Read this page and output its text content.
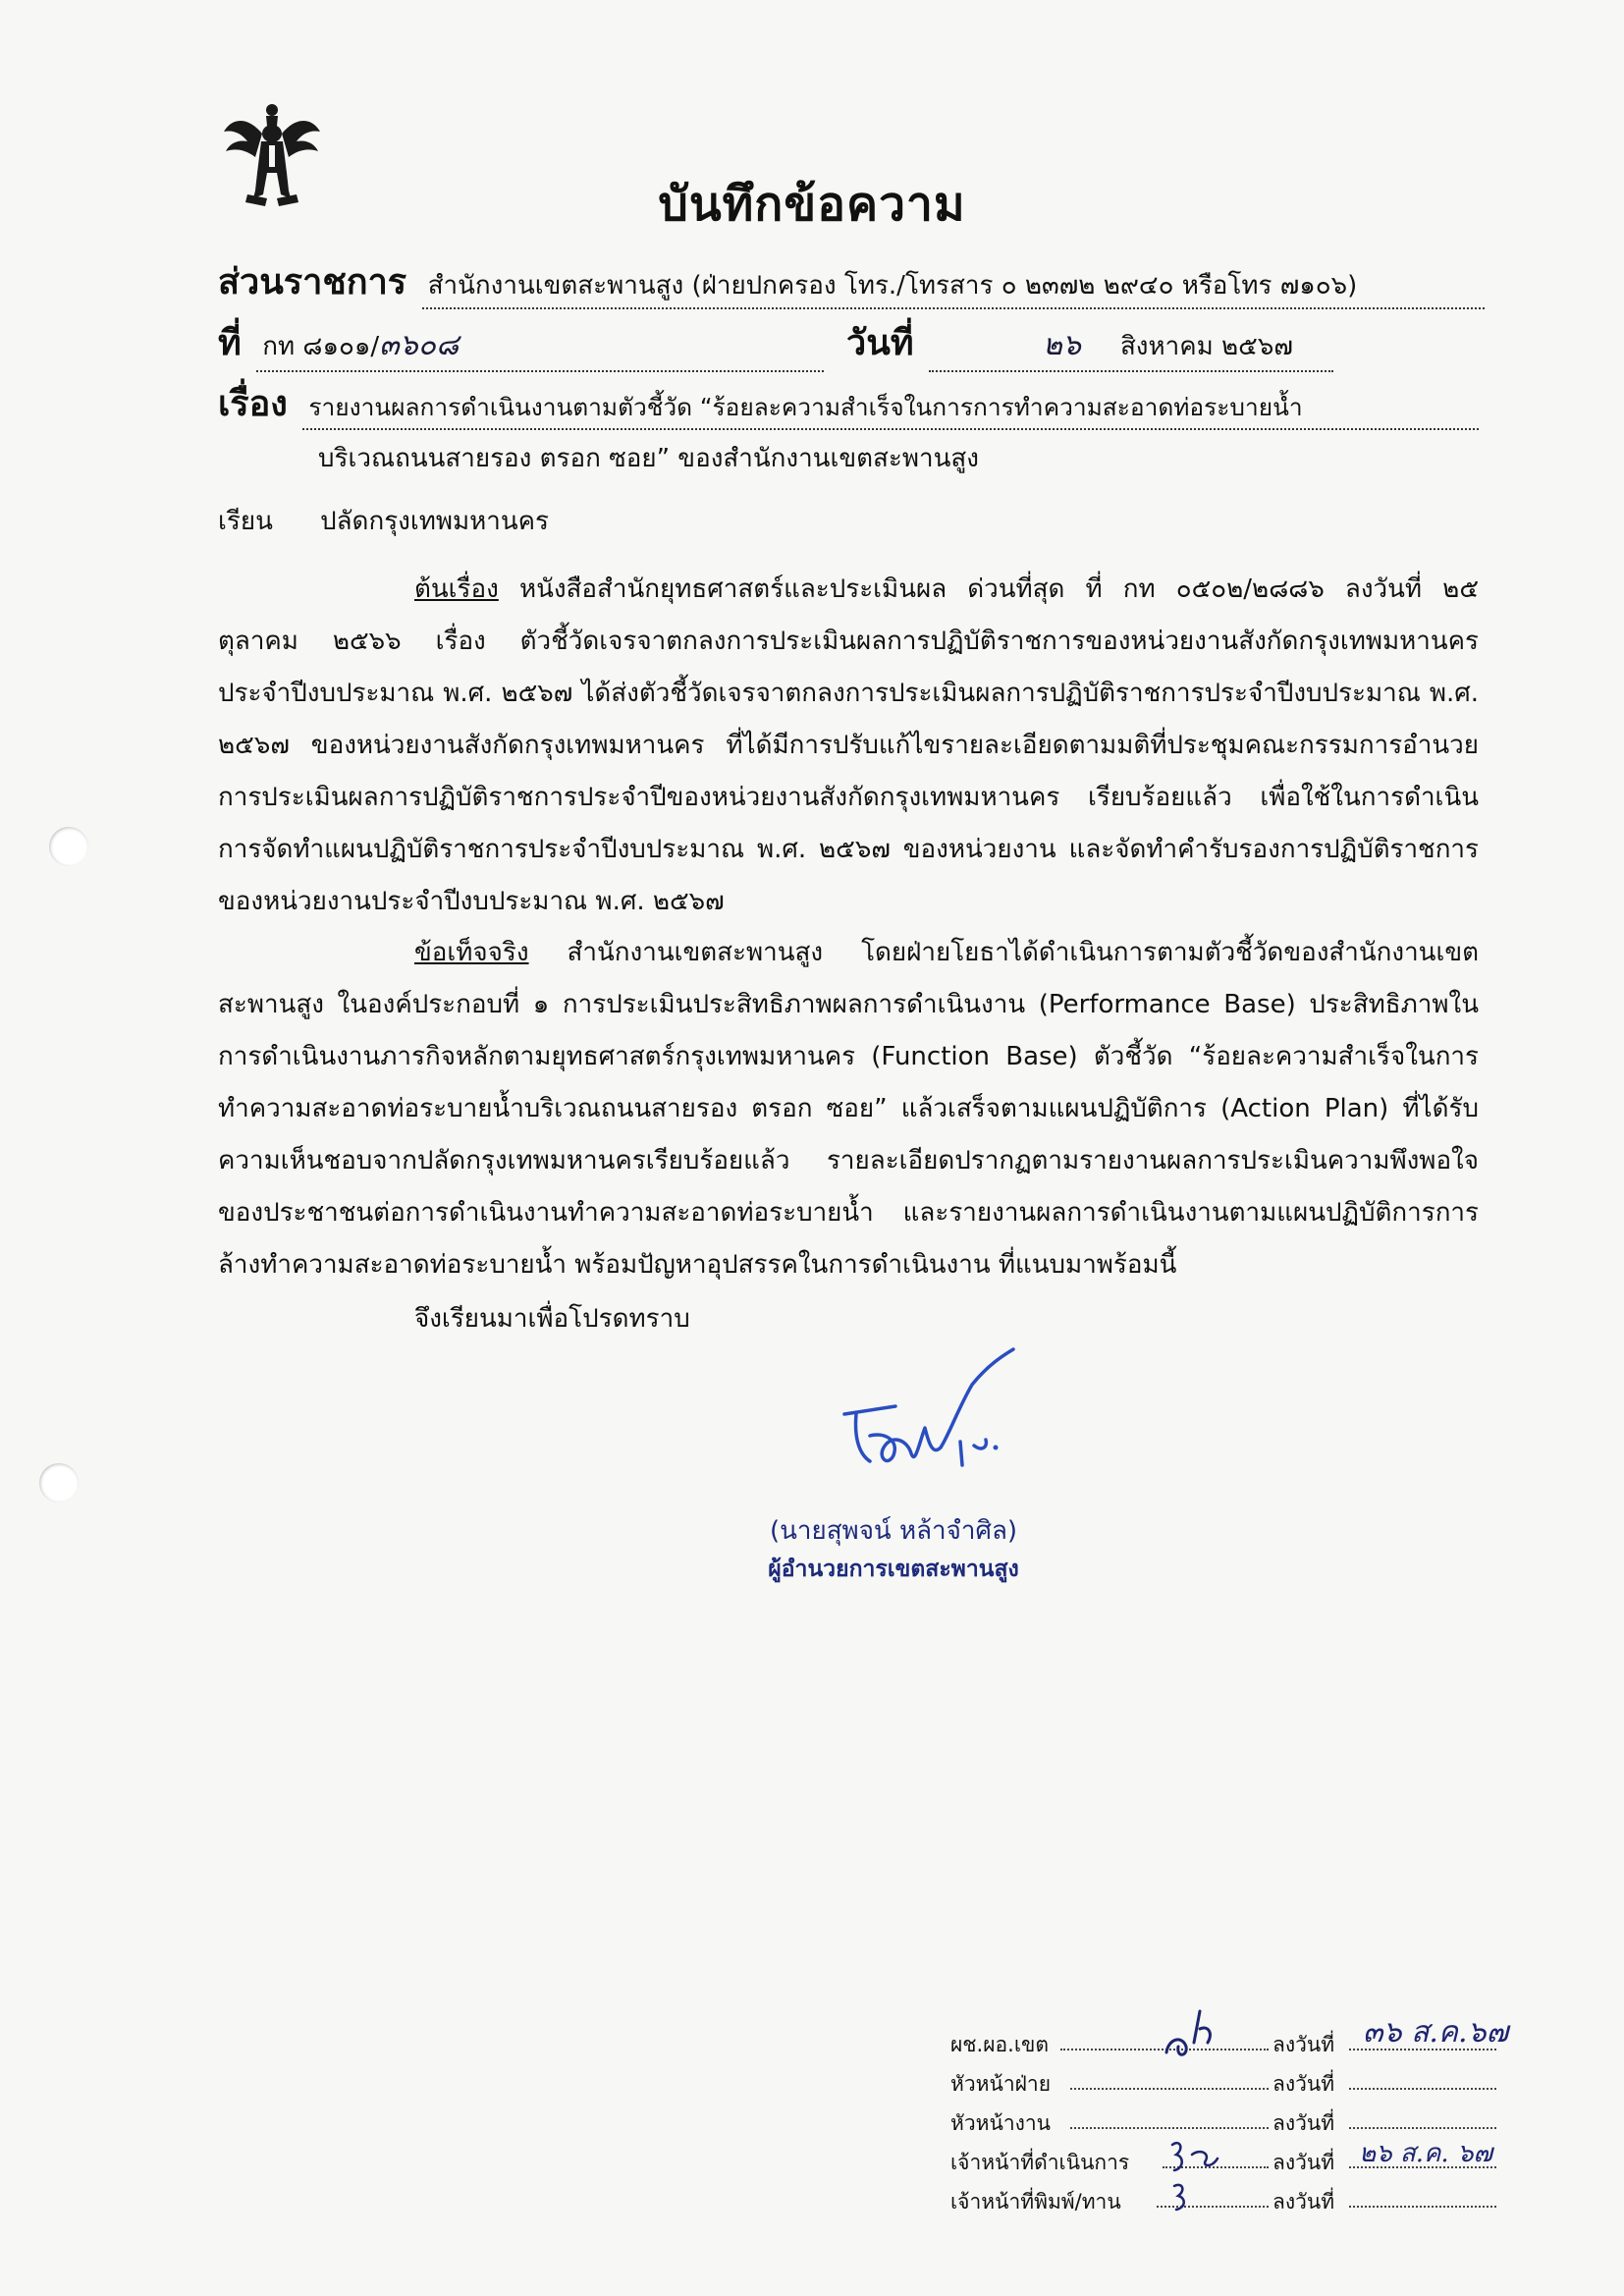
บันทึกข้อความ
ส่วนราชการ สำนักงานเขตสะพานสูง (ฝ่ายปกครอง โทร./โทรสาร ๐ ๒๓๗๒ ๒๙๔๐ หรือโทร ๗๑๐๖)
ที่ กท ๘๑๐๑/๓๖๐๘	วันที่	๒๖ สิงหาคม ๒๕๖๗
เรื่อง รายงานผลการดำเนินงานตามตัวชี้วัด “ร้อยละความสำเร็จในการการทำความสะอาดท่อระบายน้ำ
บริเวณถนนสายรอง ตรอก ซอย” ของสำนักงานเขตสะพานสูง
เรียน ปลัดกรุงเทพมหานคร
ต้นเรื่อง หนังสือสำนักยุทธศาสตร์และประเมินผล ด่วนที่สุด ที่ กท ๐๕๐๒/๒๘๘๖ ลงวันที่ ๒๕ ตุลาคม ๒๕๖๖ เรื่อง ตัวชี้วัดเจรจาตกลงการประเมินผลการปฏิบัติราชการของหน่วยงานสังกัดกรุงเทพมหานคร ประจำปีงบประมาณ พ.ศ. ๒๕๖๗ ได้ส่งตัวชี้วัดเจรจาตกลงการประเมินผลการปฏิบัติราชการประจำปีงบประมาณ พ.ศ. ๒๕๖๗ ของหน่วยงานสังกัดกรุงเทพมหานคร ที่ได้มีการปรับแก้ไขรายละเอียดตามมติที่ประชุมคณะกรรมการอำนวยการประเมินผลการปฏิบัติราชการประจำปีของหน่วยงานสังกัดกรุงเทพมหานคร เรียบร้อยแล้ว เพื่อใช้ในการดำเนินการจัดทำแผนปฏิบัติราชการประจำปีงบประมาณ พ.ศ. ๒๕๖๗ ของหน่วยงาน และจัดทำคำรับรองการปฏิบัติราชการของหน่วยงานประจำปีงบประมาณ พ.ศ. ๒๕๖๗
ข้อเท็จจริง สำนักงานเขตสะพานสูง โดยฝ่ายโยธาได้ดำเนินการตามตัวชี้วัดของสำนักงานเขตสะพานสูง ในองค์ประกอบที่ ๑ การประเมินประสิทธิภาพผลการดำเนินงาน (Performance Base) ประสิทธิภาพในการดำเนินงานภารกิจหลักตามยุทธศาสตร์กรุงเทพมหานคร (Function Base) ตัวชี้วัด “ร้อยละความสำเร็จในการทำความสะอาดท่อระบายน้ำบริเวณถนนสายรอง ตรอก ซอย” แล้วเสร็จตามแผนปฏิบัติการ (Action Plan) ที่ได้รับความเห็นชอบจากปลัดกรุงเทพมหานครเรียบร้อยแล้ว รายละเอียดปรากฏตามรายงานผลการประเมินความพึงพอใจของประชาชนต่อการดำเนินงานทำความสะอาดท่อระบายน้ำ และรายงานผลการดำเนินงานตามแผนปฏิบัติการการล้างทำความสะอาดท่อระบายน้ำ พร้อมปัญหาอุปสรรคในการดำเนินงาน ที่แนบมาพร้อมนี้
จึงเรียนมาเพื่อโปรดทราบ
(นายสุพจน์ หล้าจำศิล)
ผู้อำนวยการเขตสะพานสูง
ผช.ผอ.เขต	ลงวันที่ ๓๖ ส.ค.๖๗
หัวหน้าฝ่าย	ลงวันที่
หัวหน้างาน	ลงวันที่
เจ้าหน้าที่ดำเนินการ	ลงวันที่ ๒๖ ส.ค. ๖๗
เจ้าหน้าที่พิมพ์/ทาน	ลงวันที่
